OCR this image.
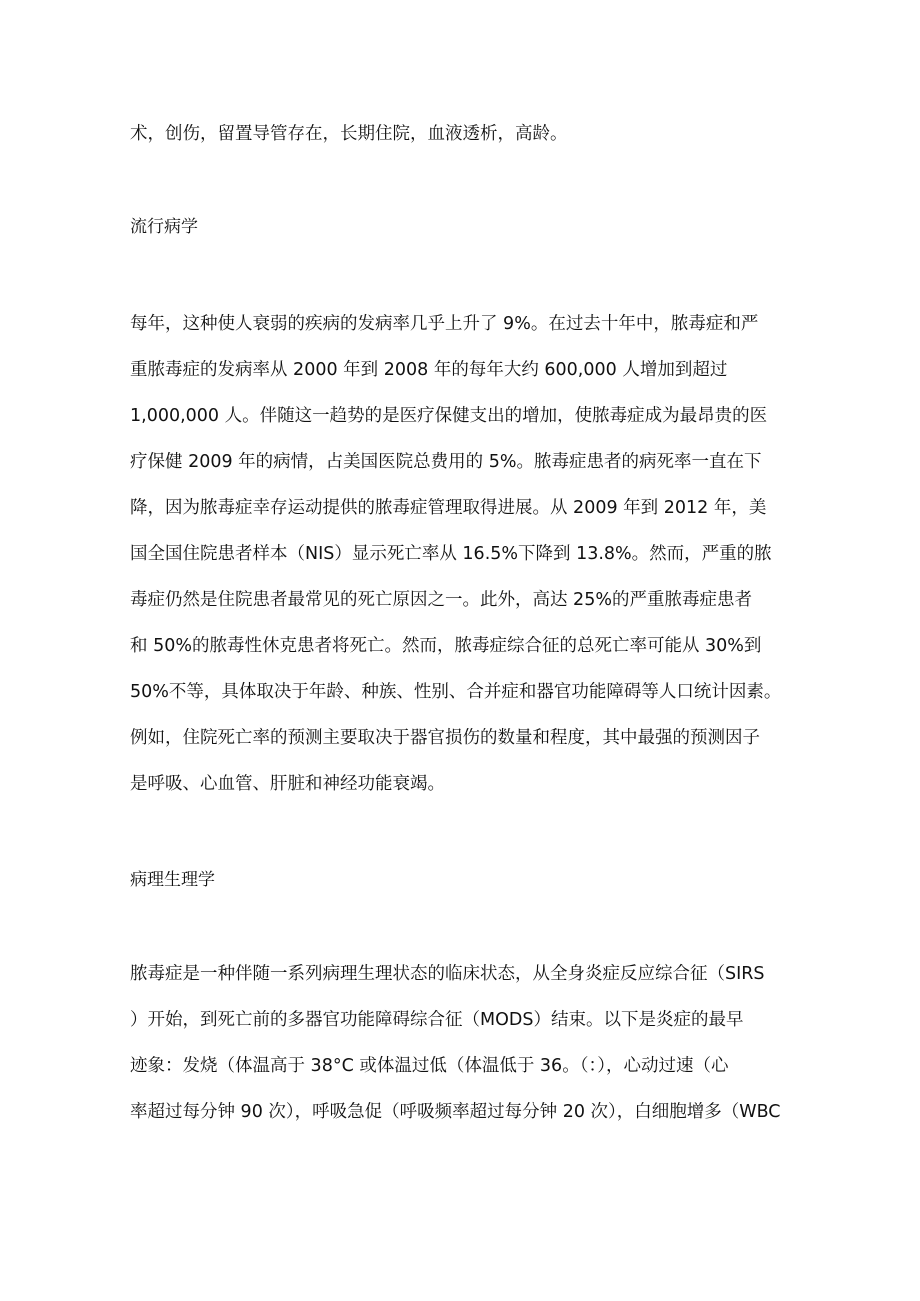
术，创伤，留置导管存在，长期住院，血液透析，高龄。
流行病学
每年，这种使人衰弱的疾病的发病率几乎上升了 9%。在过去十年中，脓毒症和严
重脓毒症的发病率从 2000 年到 2008 年的每年大约 600,000 人增加到超过
1,000,000 人。伴随这一趋势的是医疗保健支出的增加，使脓毒症成为最昂贵的医
疗保健 2009 年的病情，占美国医院总费用的 5%。脓毒症患者的病死率一直在下
降，因为脓毒症幸存运动提供的脓毒症管理取得进展。从 2009 年到 2012 年，美
国全国住院患者样本（NIS）显示死亡率从 16.5%下降到 13.8%。然而，严重的脓
毒症仍然是住院患者最常见的死亡原因之一。此外，高达 25%的严重脓毒症患者
和 50%的脓毒性休克患者将死亡。然而，脓毒症综合征的总死亡率可能从 30%到
50%不等，具体取决于年龄、种族、性别、合并症和器官功能障碍等人口统计因素。
例如，住院死亡率的预测主要取决于器官损伤的数量和程度，其中最强的预测因子
是呼吸、心血管、肝脏和神经功能衰竭。
病理生理学
脓毒症是一种伴随一系列病理生理状态的临床状态，从全身炎症反应综合征（SIRS
）开始，到死亡前的多器官功能障碍综合征（MODS）结束。以下是炎症的最早
迹象：发烧（体温高于 38°C 或体温过低（体温低于 36。（：），心动过速（心
率超过每分钟 90 次），呼吸急促（呼吸频率超过每分钟 20 次），白细胞增多（WBC
